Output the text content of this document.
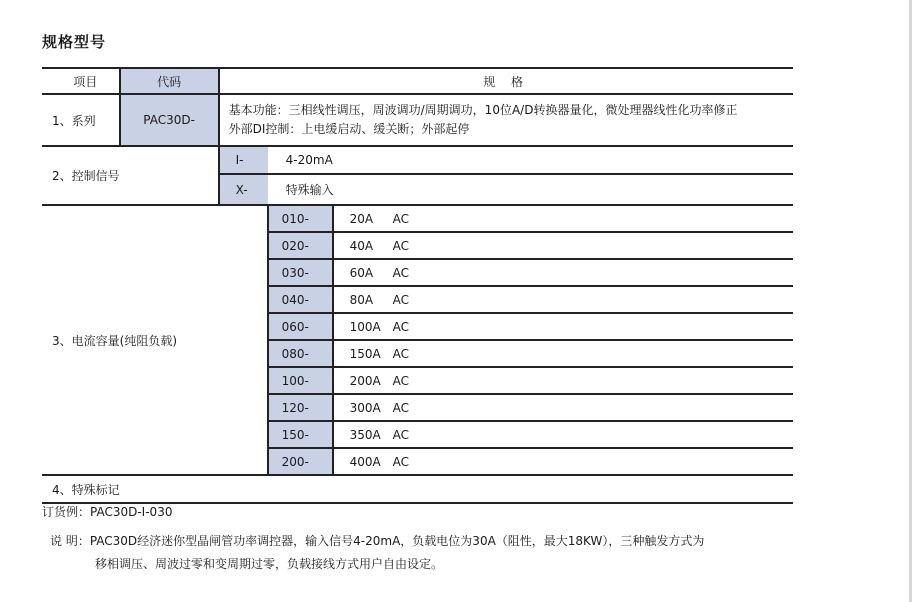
规格型号
项目	代码	规 格		
1、系列	PAC30D-	基本功能：三相线性调压，周波调功/周期调功，10位A/D转换器量化，微处理器线性化功率修正
外部DI控制：上电缓启动、缓关断；外部起停		

2、控制信号		I-	4-20mA	
		X-	特殊输入	
3、电流容量(纯阻负载)			010-	20A AC
			020-	40A AC
			030-	60A AC
			040-	80A AC
			060-	100A AC
			080-	150A AC
			100-	200A AC
			120-	300A AC
			150-	350A AC
			200-	400A AC
4、特殊标记				
订货例：PAC30D-I-030
说 明：PAC30D经济迷你型晶闸管功率调控器，输入信号4-20mA，负载电位为30A（阻性，最大18KW），三种触发方式为
移相调压、周波过零和变周期过零，负载接线方式用户自由设定。
